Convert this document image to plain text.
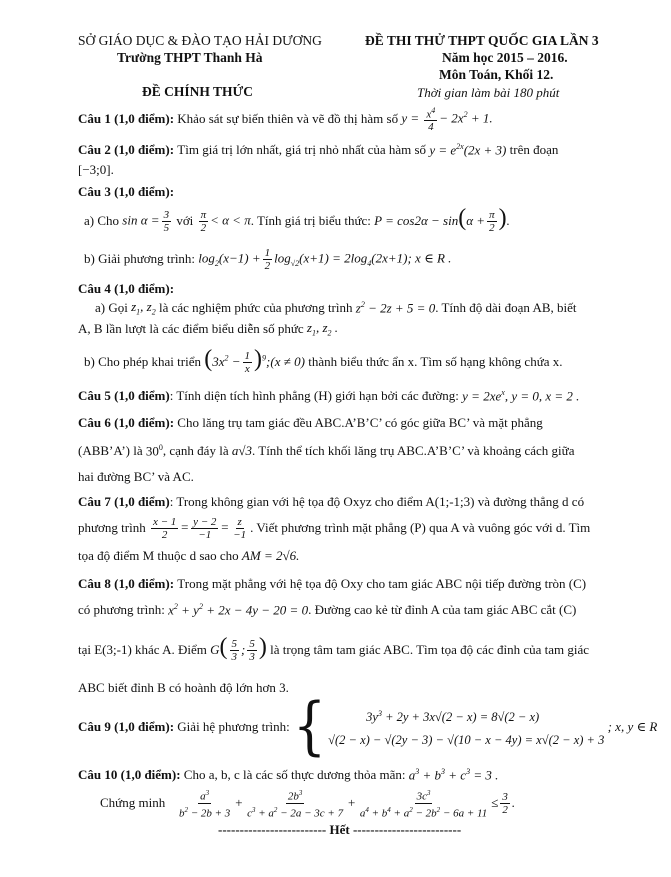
SỞ GIÁO DỤC & ĐÀO TẠO HẢI DƯƠNG
Trường THPT Thanh Hà
ĐỀ CHÍNH THỨC
ĐỀ THI THỬ THPT QUỐC GIA LẦN 3
Năm học 2015 – 2016.
Môn Toán, Khối 12.
Thời gian làm bài 180 phút
Câu 1 (1,0 điểm):
Khảo sát sự biến thiên và vẽ đồ thị hàm số
$y = \frac{x^4}{4} - 2x^2 + 1$.
Câu 2 (1,0 điểm):
Tìm giá trị lớn nhất, giá trị nhỏ nhất của hàm số
$y = e^{2x}(2x + 3)$
trên đoạn
[−3;0].
Câu 3 (1,0 điểm):
a) Cho
$\sin \alpha = \frac{3}{5}$
với
$\frac{\pi}{2} < \alpha < \pi$ . Tính giá trị biểu thức:
$P = \cos 2\alpha - \sin(\alpha + \frac{\pi}{2}$ ).
b) Giải phương trình:
$\log_2(x-1) + \frac{1}{2} \log_{√2}(x+1) = 2\log_4(2x+1)$; x ∈ R .
Câu 4 (1,0 điểm):
a) Gọi
$z_1$, $z_2$
là các nghiệm phức của phương trình
$z^2 - 2z + 5 = 0$ . Tính độ dài đoạn AB, biết
A, B lần lượt là các điểm biểu diễn số phức
$z_1$, $z_2$ .
b) Cho phép khai triển
($3x^2 - \frac{1}{x}$ )$^9;(x \ne 0)$
thành biểu thức ẩn x. Tìm số hạng không chứa x.
Câu 5 (1,0 điểm) : Tính diện tích hình phẳng (H) giới hạn bởi các đường:
$y = 2xe^x$, y = 0, x = 2 .
Câu 6 (1,0 điểm):
Cho lăng trụ tam giác đều ABC.A’B’C’ có góc giữa BC’ và mặt phẳng
(ABB’A’) là
$30^0$ , cạnh đáy là
a√3 . Tính thể tích khối lăng trụ ABC.A’B’C’ và khoảng cách giữa
hai đường BC’ và AC.
Câu 7 (1,0 điểm) : Trong không gian với hệ tọa độ Oxyz cho điểm A(1;-1;3) và đường thẳng d có
phương trình
$\frac{x - 1}{2} = \frac{y - 2}{-1} = \frac{z}{-1}$ . Viết phương trình mặt phẳng (P) qua A và vuông góc với d. Tìm
tọa độ điểm M thuộc d sao cho
AM = 2√6.
Câu 8 (1,0 điểm):
Trong mặt phẳng với hệ tọa độ Oxy cho tam giác ABC nội tiếp đường tròn (C)
có phương trình:
$x^2 + y^2 + 2x - 4y - 20 = 0$ . Đường cao kẻ từ đỉnh A của tam giác ABC cắt (C)
tại E(3;-1) khác A. Điểm
$G( \frac{5}{3}$ ; $\frac{5}{3}$ )
là trọng tâm tam giác ABC. Tìm tọa độ các đỉnh của tam giác
ABC biết đỉnh B có hoành độ lớn hơn 3.
Câu 9 (1,0 điểm):
Giải hệ phương trình:
{	$3y^3 + 2y + 3x√(2 - x) = 8√(2 - x)$
√(2 − x) − √(2y − 3) − √(10 − x − 4y) = x√(2 − x) + 3
; x, y ∈ R
Câu 10 (1,0 điểm):
Cho a, b, c là các số thực dương thỏa mãn:
$a^3 + b^3 + c^3 = 3$ .
Chứng minh
$\frac{a^3}{b^2 - 2b + 3} + \frac{2b^3}{c^3 + a^2 - 2a - 3c + 7} + \frac{3c^3}{a^4 + b^4 + a^2 - 2b^2 - 6a + 11} \le \frac{3}{2}$ .
------------------------- Hết -------------------------
